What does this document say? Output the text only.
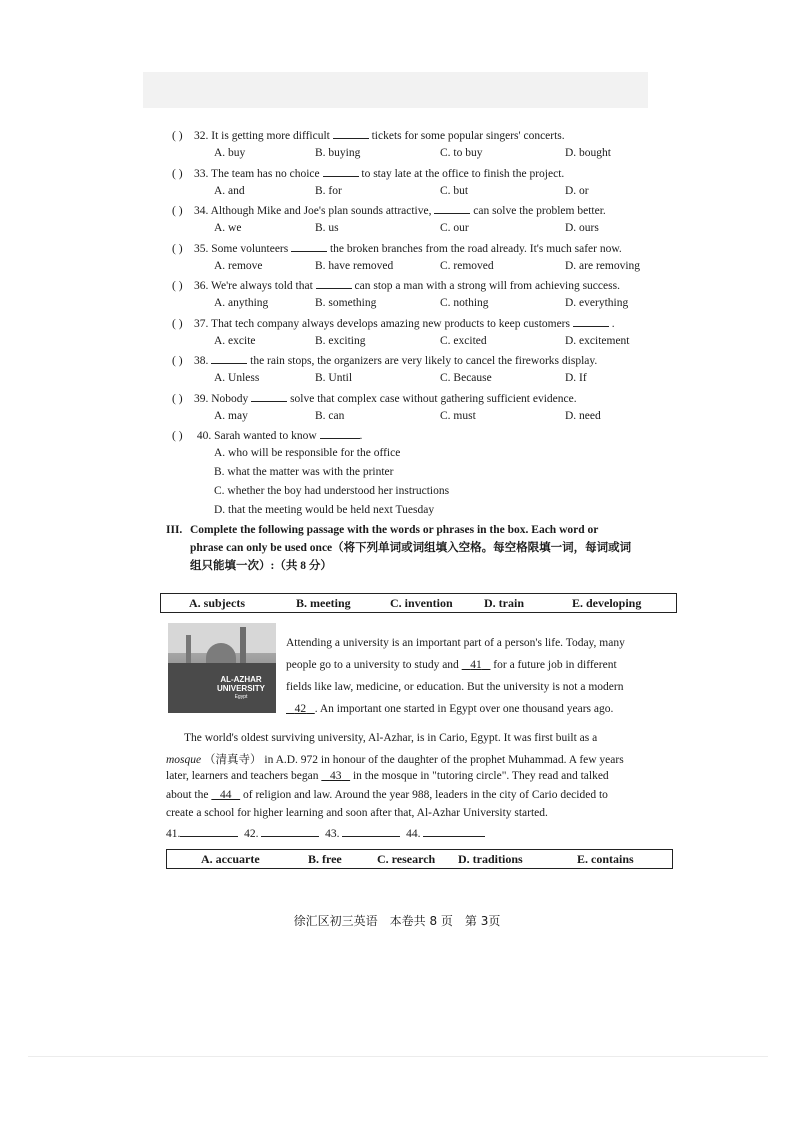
( ) 32. It is getting more difficult	tickets for some popular singers' concerts.
A. buy	B. buying	C. to buy	D. bought
( ) 33. The team has no choice	to stay late at the office to finish the project.
A. and	B. for	C. but	D. or
( ) 34. Although Mike and Joe's plan sounds attractive,	can solve the problem better.
A. we	B. us	C. our	D. ours
( ) 35. Some volunteers	the broken branches from the road already. It's much safer now.
A. remove	B. have removed	C. removed	D. are removing
( ) 36. We're always told that	can stop a man with a strong will from achieving success.
A. anything	B. something	C. nothing	D. everything
( ) 37. That tech company always develops amazing new products to keep customers	.
A. excite	B. exciting	C. excited	D. excitement
( ) 38.	the rain stops, the organizers are very likely to cancel the fireworks display.
A. Unless	B. Until	C. Because	D. If
( ) 39. Nobody	solve that complex case without gathering sufficient evidence.
A. may	B. can	C. must	D. need
( ) 40. Sarah wanted to know	.
A. who will be responsible for the office
B. what the matter was with the printer
C. whether the boy had understood her instructions
D. that the meeting would be held next Tuesday
III. Complete the following passage with the words or phrases in the box. Each word or
phrase can only be used once（将下列单词或词组填入空格。每空格限填一词，每词或词
组只能填一次）:（共 8 分）
A. subjects	B. meeting	C. invention	D. train	E. developing
AL-AZHAR
UNIVERSITY
Egypt
Attending a university is an important part of a person's life. Today, many
people go to a university to study and 41 for a future job in different
fields like law, medicine, or education. But the university is not a modern
42 . An important one started in Egypt over one thousand years ago.
The world's oldest surviving university, Al-Azhar, is in Cario, Egypt. It was first built as a
mosque （清真寺） in A.D. 972 in honour of the daughter of the prophet Muhammad. A few years
later, learners and teachers began 43 in the mosque in "tutoring circle". They read and talked
about the 44 of religion and law. Around the year 988, leaders in the city of Cario decided to
create a school for higher learning and soon after that, Al-Azhar University started.
41.	42.	43.	44.
A. accuarte	B. free	C. research D. traditions	E. contains
徐汇区初三英语 本卷共 8 页 第 3页
